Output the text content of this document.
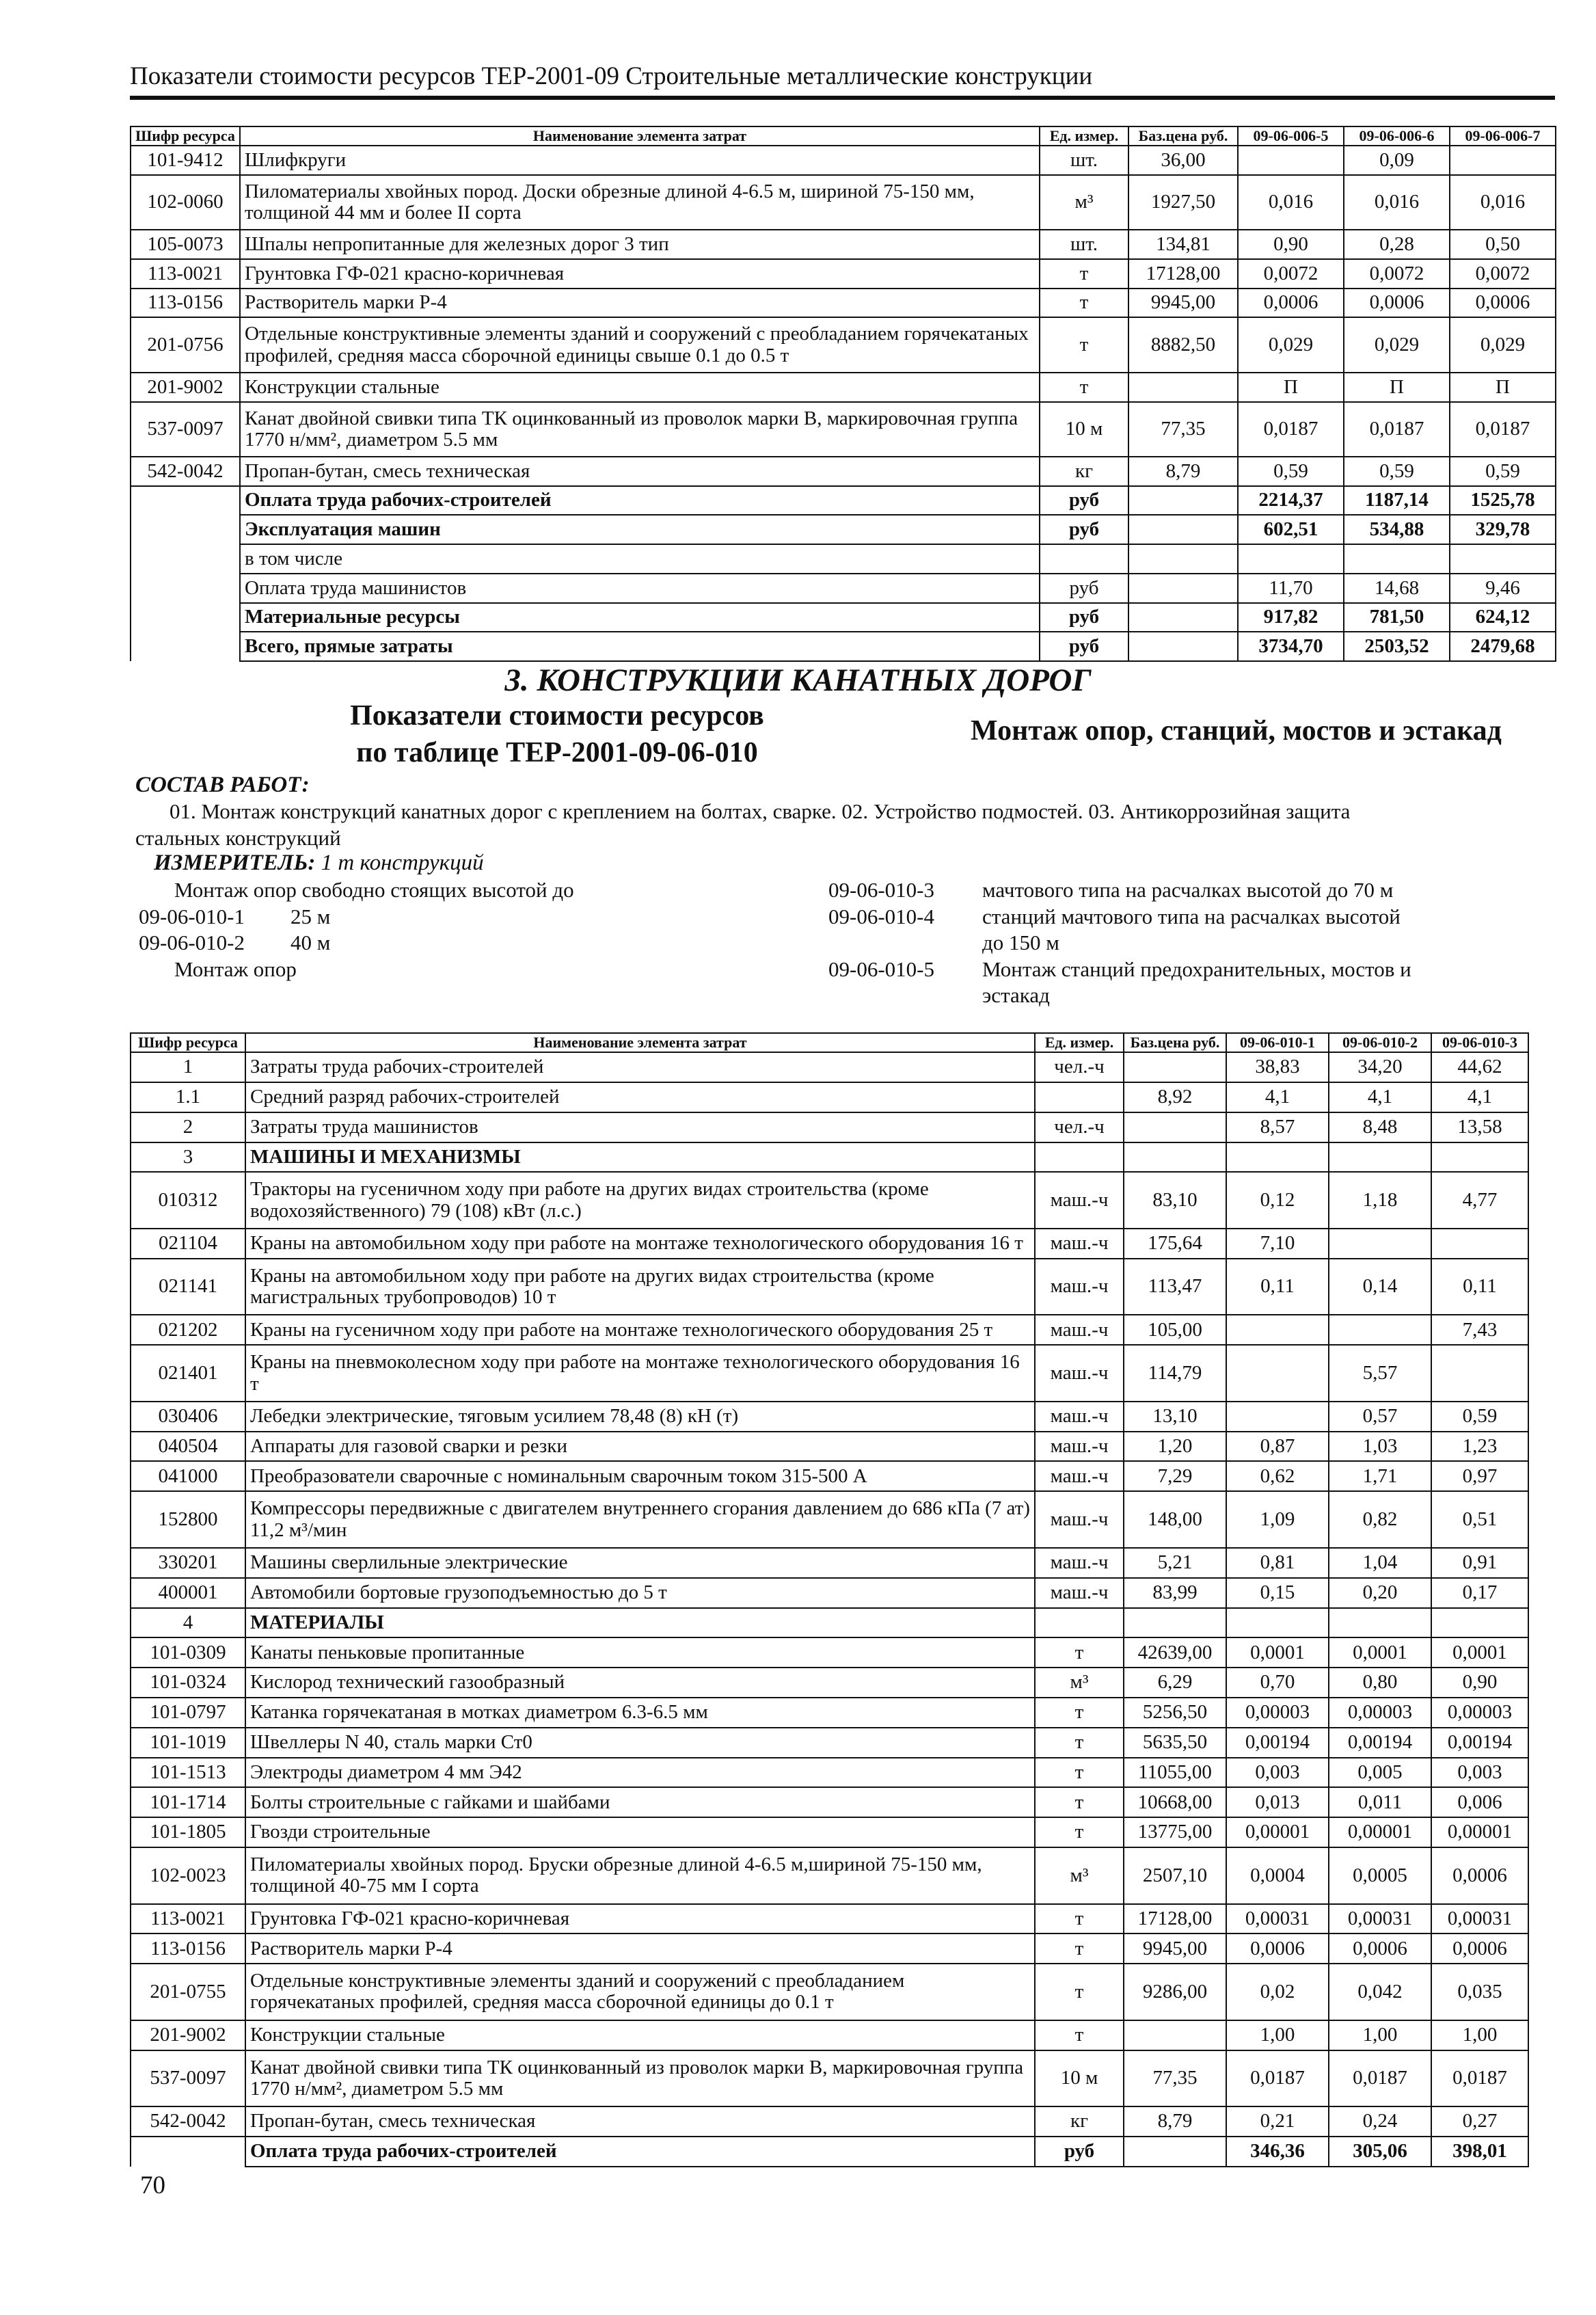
Показатели стоимости ресурсов ТЕР-2001-09 Строительные металлические конструкции
Шифр ресурса	Наименование элемента затрат	Ед. измер.	Баз.цена руб.	09-06-006-5	09-06-006-6	09-06-006-7
101-9412	Шлифкруги	шт.	36,00		0,09	
102-0060	Пиломатериалы хвойных пород. Доски обрезные длиной 4-6.5 м, шириной 75-150 мм, толщиной 44 мм и более II сорта	м³	1927,50	0,016	0,016	0,016
105-0073	Шпалы непропитанные для железных дорог 3 тип	шт.	134,81	0,90	0,28	0,50
113-0021	Грунтовка ГФ-021 красно-коричневая	т	17128,00	0,0072	0,0072	0,0072
113-0156	Растворитель марки Р-4	т	9945,00	0,0006	0,0006	0,0006
201-0756	Отдельные конструктивные элементы зданий и сооружений с преобладанием горячекатаных профилей, средняя масса сборочной единицы свыше 0.1 до 0.5 т	т	8882,50	0,029	0,029	0,029
201-9002	Конструкции стальные	т		П	П	П
537-0097	Канат двойной свивки типа ТК оцинкованный из проволок марки В, маркировочная группа 1770 н/мм², диаметром 5.5 мм	10 м	77,35	0,0187	0,0187	0,0187
542-0042	Пропан-бутан, смесь техническая	кг	8,79	0,59	0,59	0,59
	Оплата труда рабочих-строителей	руб		2214,37	1187,14	1525,78
	Эксплуатация машин	руб		602,51	534,88	329,78
	в том числе					
	Оплата труда машинистов	руб		11,70	14,68	9,46
	Материальные ресурсы	руб		917,82	781,50	624,12
	Всего, прямые затраты	руб		3734,70	2503,52	2479,68
3. КОНСТРУКЦИИ КАНАТНЫХ ДОРОГ
Показатели стоимости ресурсов
по таблице ТЕР-2001-09-06-010
Монтаж опор, станций, мостов и эстакад
СОСТАВ РАБОТ:
01. Монтаж конструкций канатных дорог с креплением на болтах, сварке. 02. Устройство подмостей. 03. Антикоррозийная защита
стальных конструкций
ИЗМЕРИТЕЛЬ: 1 т конструкций
Монтаж опор свободно стоящих высотой до
09-06-010-1 25 м
09-06-010-2 40 м
Монтаж опор
09-06-010-3 мачтового типа на расчалках высотой до 70 м
09-06-010-4 станций мачтового типа на расчалках высотой
до 150 м
09-06-010-5 Монтаж станций предохранительных, мостов и
эстакад
Шифр ресурса	Наименование элемента затрат	Ед. измер.	Баз.цена руб.	09-06-010-1	09-06-010-2	09-06-010-3
1	Затраты труда рабочих-строителей	чел.-ч		38,83	34,20	44,62
1.1	Средний разряд рабочих-строителей		8,92	4,1	4,1	4,1
2	Затраты труда машинистов	чел.-ч		8,57	8,48	13,58
3	МАШИНЫ И МЕХАНИЗМЫ					
010312	Тракторы на гусеничном ходу при работе на других видах строительства (кроме водохозяйственного) 79 (108) кВт (л.с.)	маш.-ч	83,10	0,12	1,18	4,77
021104	Краны на автомобильном ходу при работе на монтаже технологического оборудования 16 т	маш.-ч	175,64	7,10		
021141	Краны на автомобильном ходу при работе на других видах строительства (кроме магистральных трубопроводов) 10 т	маш.-ч	113,47	0,11	0,14	0,11
021202	Краны на гусеничном ходу при работе на монтаже технологического оборудования 25 т	маш.-ч	105,00			7,43
021401	Краны на пневмоколесном ходу при работе на монтаже технологического оборудования 16 т	маш.-ч	114,79		5,57	
030406	Лебедки электрические, тяговым усилием 78,48 (8) кН (т)	маш.-ч	13,10		0,57	0,59
040504	Аппараты для газовой сварки и резки	маш.-ч	1,20	0,87	1,03	1,23
041000	Преобразователи сварочные с номинальным сварочным током 315-500 А	маш.-ч	7,29	0,62	1,71	0,97
152800	Компрессоры передвижные с двигателем внутреннего сгорания давлением до 686 кПа (7 ат) 11,2 м³/мин	маш.-ч	148,00	1,09	0,82	0,51
330201	Машины сверлильные электрические	маш.-ч	5,21	0,81	1,04	0,91
400001	Автомобили бортовые грузоподъемностью до 5 т	маш.-ч	83,99	0,15	0,20	0,17
4	МАТЕРИАЛЫ					
101-0309	Канаты пеньковые пропитанные	т	42639,00	0,0001	0,0001	0,0001
101-0324	Кислород технический газообразный	м³	6,29	0,70	0,80	0,90
101-0797	Катанка горячекатаная в мотках диаметром 6.3-6.5 мм	т	5256,50	0,00003	0,00003	0,00003
101-1019	Швеллеры N 40, сталь марки Ст0	т	5635,50	0,00194	0,00194	0,00194
101-1513	Электроды диаметром 4 мм Э42	т	11055,00	0,003	0,005	0,003
101-1714	Болты строительные с гайками и шайбами	т	10668,00	0,013	0,011	0,006
101-1805	Гвозди строительные	т	13775,00	0,00001	0,00001	0,00001
102-0023	Пиломатериалы хвойных пород. Бруски обрезные длиной 4-6.5 м,шириной 75-150 мм, толщиной 40-75 мм I сорта	м³	2507,10	0,0004	0,0005	0,0006
113-0021	Грунтовка ГФ-021 красно-коричневая	т	17128,00	0,00031	0,00031	0,00031
113-0156	Растворитель марки Р-4	т	9945,00	0,0006	0,0006	0,0006
201-0755	Отдельные конструктивные элементы зданий и сооружений с преобладанием горячекатаных профилей, средняя масса сборочной единицы до 0.1 т	т	9286,00	0,02	0,042	0,035
201-9002	Конструкции стальные	т		1,00	1,00	1,00
537-0097	Канат двойной свивки типа ТК оцинкованный из проволок марки В, маркировочная группа 1770 н/мм², диаметром 5.5 мм	10 м	77,35	0,0187	0,0187	0,0187
542-0042	Пропан-бутан, смесь техническая	кг	8,79	0,21	0,24	0,27
	Оплата труда рабочих-строителей	руб		346,36	305,06	398,01
70
